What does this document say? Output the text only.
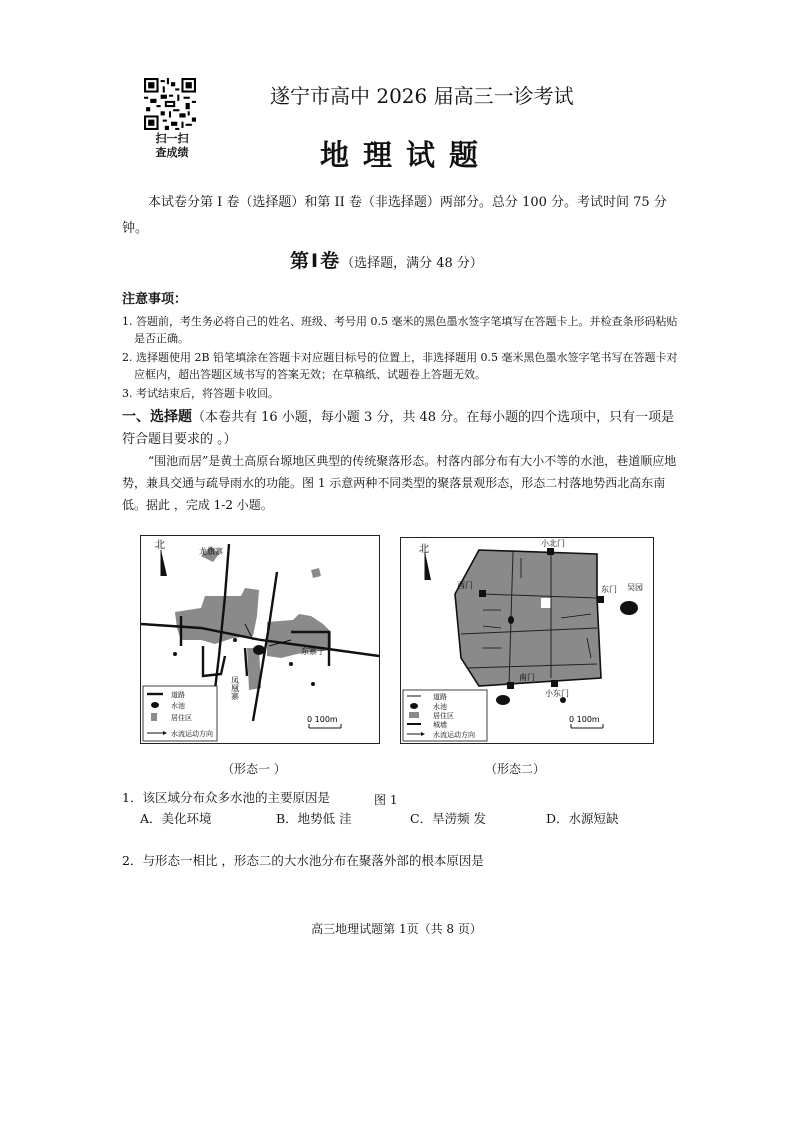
扫一扫
查成绩
遂宁市高中 2026 届高三一诊考试
地理试题
本试卷分第 I 卷（选择题）和第 II 卷（非选择题）两部分。总分 100 分。考试时间 75 分钟。
第Ⅰ卷（选择题，满分 48 分）
注意事项：

1. 答题前，考生务必将自己的姓名、班级、考号用 0.5 毫米的黑色墨水签字笔填写在答题卡上。并检查条形码粘贴是否正确。

2. 选择题使用 2B 铅笔填涂在答题卡对应题目标号的位置上，非选择题用 0.5 毫米黑色墨水签字笔书写在答题卡对应框内，超出答题区域书写的答案无效；在草稿纸、试题卷上答题无效。

3. 考试结束后，将答题卡收回。

一、选择题（本卷共有 16 小题，每小题 3 分，共 48 分。在每小题的四个选项中，只有一项是符合题目要求的 。）
“围池而居”是黄土高原台塬地区典型的传统聚落形态。村落内部分布有大小不等的水池，巷道顺应地势，兼具交通与疏导雨水的功能。图 1 示意两种不同类型的聚落景观形态，形态二村落地势西北高东南低。据此 ，完成 1-2 小题。
北
龙旗寨
东寨子
凤凰寨
道路
水池
居住区
水流运动方向
0 100m
北
小北门
西门	东门 吴园
南门
小东门
道路
水池
居住区
城墙
水流运动方向
0 100m
（形态一 ）	（形态二）
图 1
1．该区域分布众多水池的主要原因是
A．美化环境	B．地势低 洼	C．旱涝频 发	D．水源短缺
2．与形态一相比 ，形态二的大水池分布在聚落外部的根本原因是
高三地理试题第 1页（共 8 页）
